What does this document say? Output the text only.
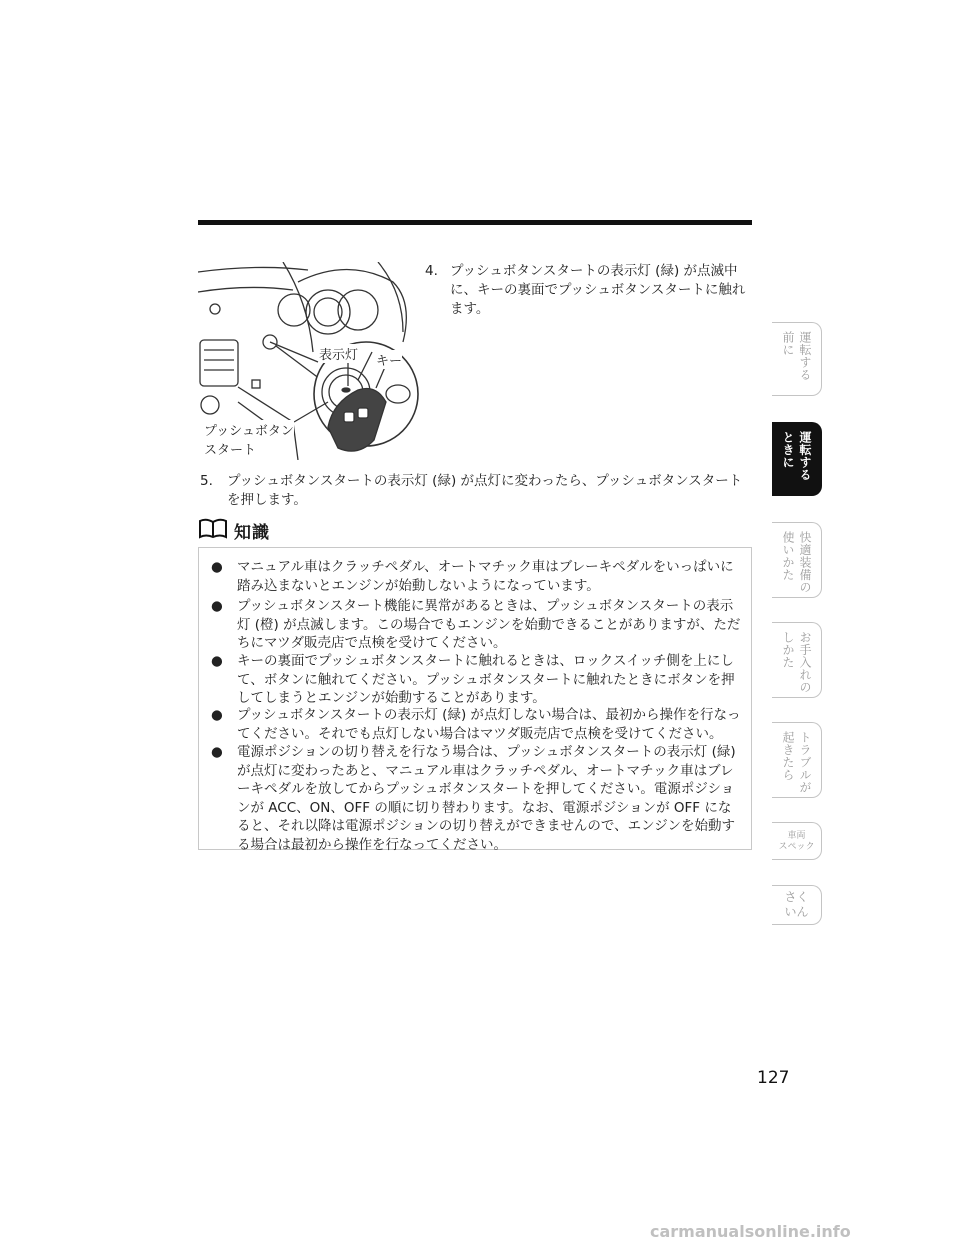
表示灯 キー
プッシュボタン
スタート
4. プッシュボタンスタートの表示灯 (緑) が点滅中に、キーの裏面でプッシュボタンスタートに触れます。
5. プッシュボタンスタートの表示灯 (緑) が点灯に変わったら、プッシュボタンスタートを押します。
知識
● マニュアル車はクラッチペダル、オートマチック車はブレーキペダルをいっぱいに踏み込まないとエンジンが始動しないようになっています。
● プッシュボタンスタート機能に異常があるときは、プッシュボタンスタートの表示灯 (橙) が点滅します。この場合でもエンジンを始動できることがありますが、ただちにマツダ販売店で点検を受けてください。
● キーの裏面でプッシュボタンスタートに触れるときは、ロックスイッチ側を上にして、ボタンに触れてください。プッシュボタンスタートに触れたときにボタンを押してしまうとエンジンが始動することがあります。
● プッシュボタンスタートの表示灯 (緑) が点灯しない場合は、最初から操作を行なってください。それでも点灯しない場合はマツダ販売店で点検を受けてください。
● 電源ポジションの切り替えを行なう場合は、プッシュボタンスタートの表示灯 (緑) が点灯に変わったあと、マニュアル車はクラッチペダル、オートマチック車はブレーキペダルを放してからプッシュボタンスタートを押してください。電源ポジションが ACC、ON、OFF の順に切り替わります。なお、電源ポジションが OFF になると、それ以降は電源ポジションの切り替えができませんので、エンジンを始動する場合は最初から操作を行なってください。
運転する
前に
運転する
ときに
快適装備の
使いかた
お手入れの
しかた
トラブルが
起きたら
車両
スペック
さく
いん
127
carmanualsonline.info
